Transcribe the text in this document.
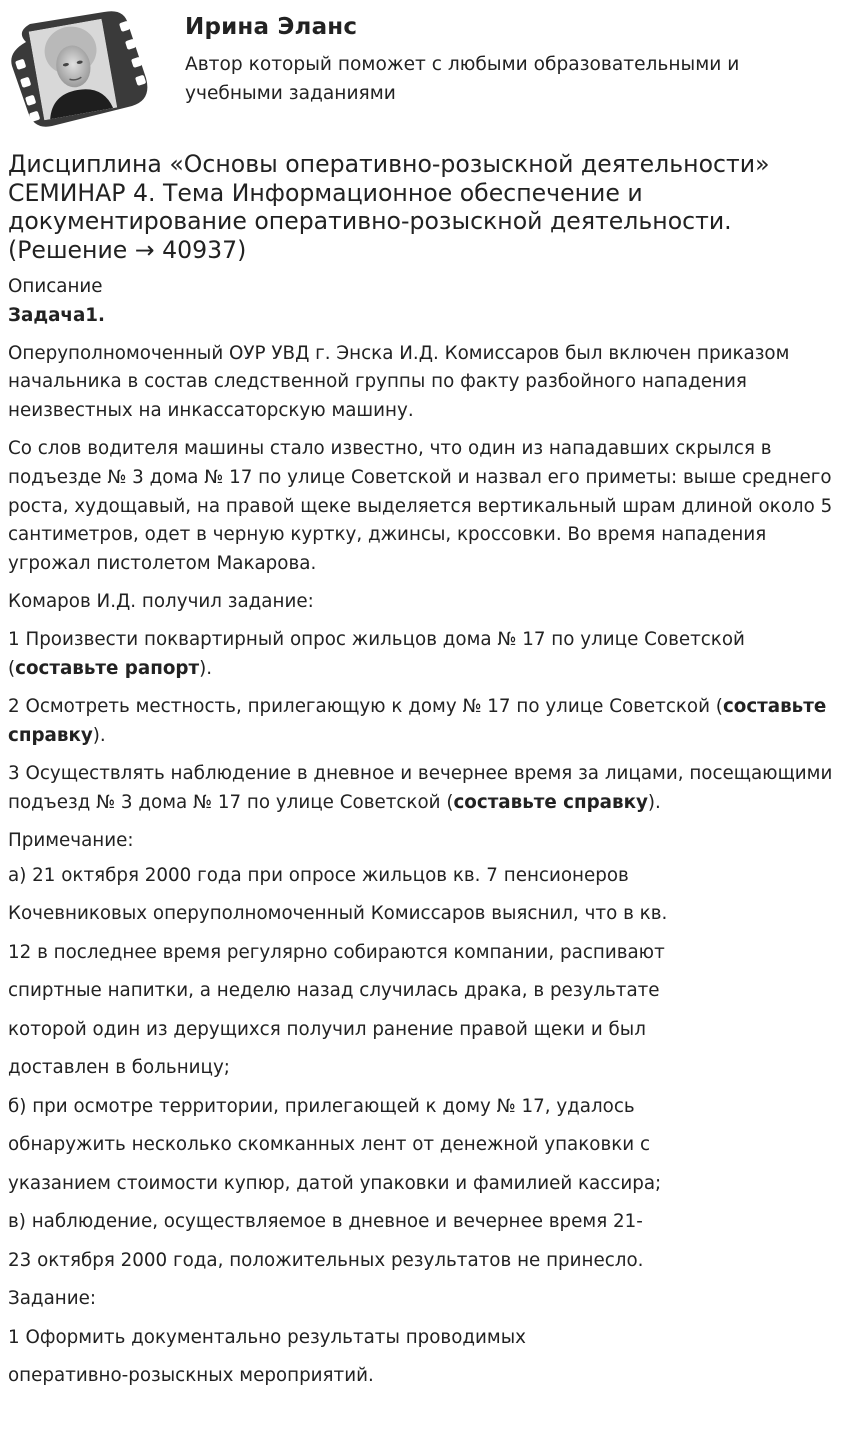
Ирина Эланс
Автор который поможет с любыми образовательными и учебными заданиями
Дисциплина «Основы оперативно-розыскной деятельности» СЕМИНАР 4. Тема Информационное обеспечение и документирование оперативно-розыскной деятельности. (Решение → 40937)

Описание

Задача1.

Оперуполномоченный ОУР УВД г. Энска И.Д. Комиссаров был включен приказом начальника в состав следственной группы по факту разбойного нападения неизвестных на инкассаторскую машину.

Со слов водителя машины стало известно, что один из нападавших скрылся в подъезде № 3 дома № 17 по улице Советской и назвал его приметы: выше среднего роста, худощавый, на правой щеке выделяется вертикальный шрам длиной около 5 сантиметров, одет в черную куртку, джинсы, кроссовки. Во время нападения угрожал пистолетом Макарова.

Комаров И.Д. получил задание:

1 Произвести поквартирный опрос жильцов дома № 17 по улице Советской (составьте рапорт).

2 Осмотреть местность, прилегающую к дому № 17 по улице Советской (составьте справку).

3 Осуществлять наблюдение в дневное и вечернее время за лицами, посещающими подъезд № 3 дома № 17 по улице Советской (составьте справку).

Примечание:

а) 21 октября 2000 года при опросе жильцов кв. 7 пенсионеров

Кочевниковых оперуполномоченный Комиссаров выяснил, что в кв.

12 в последнее время регулярно собираются компании, распивают

спиртные напитки, а неделю назад случилась драка, в результате

которой один из дерущихся получил ранение правой щеки и был

доставлен в больницу;

б) при осмотре территории, прилегающей к дому № 17, удалось

обнаружить несколько скомканных лент от денежной упаковки с

указанием стоимости купюр, датой упаковки и фамилией кассира;

в) наблюдение, осуществляемое в дневное и вечернее время 21-

23 октября 2000 года, положительных результатов не принесло.

Задание:

1 Оформить документально результаты проводимых

оперативно-розыскных мероприятий.
